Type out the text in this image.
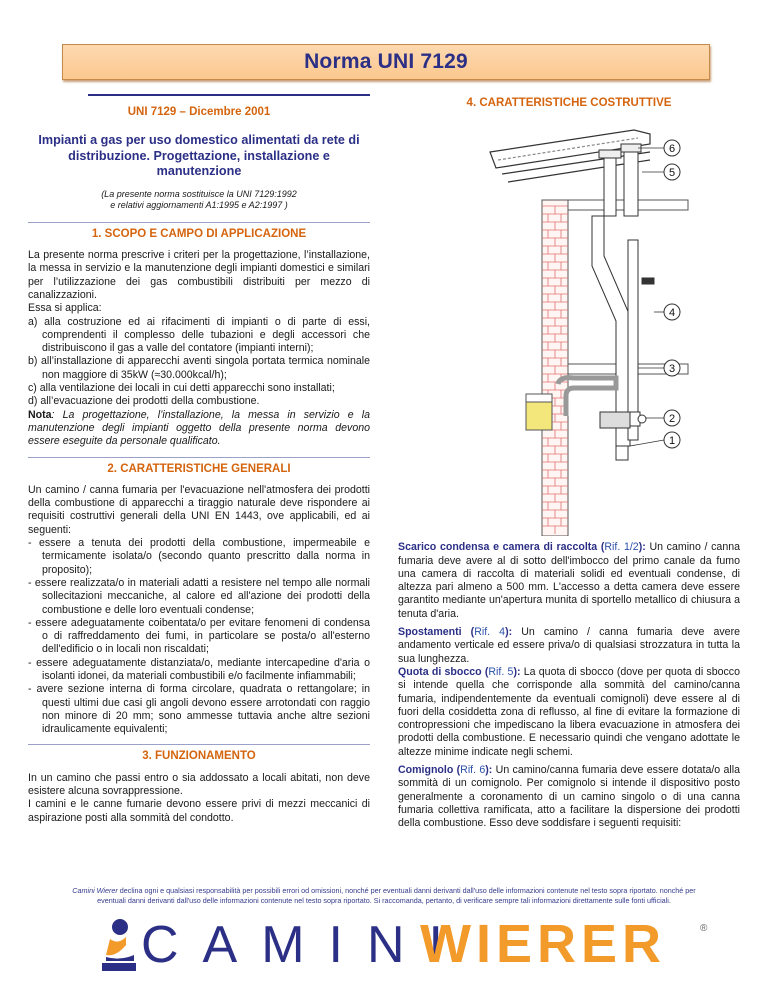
Norma UNI 7129

UNI 7129 – Dicembre 2001

Impianti a gas per uso domestico alimentati da rete di distribuzione. Progettazione, installazione e manutenzione

(La presente norma sostituisce la UNI 7129:1992

e relativi aggiornamenti A1:1995 e A2:1997 )

1. SCOPO E CAMPO DI APPLICAZIONE

La presente norma prescrive i criteri per la progettazione, l’installazione, la messa in servizio e la manutenzione degli impianti domestici e similari per l’utilizzazione dei gas combustibili distribuiti per mezzo di canalizzazioni.

Essa si applica:

a) alla costruzione ed ai rifacimenti di impianti o di parte di essi, comprendenti il complesso delle tubazioni e degli accessori che distribuiscono il gas a valle del contatore (impianti interni);
b) all’installazione di apparecchi aventi singola portata termica nominale non maggiore di 35kW (≈30.000kcal/h);
c) alla ventilazione dei locali in cui detti apparecchi sono installati;
d) all’evacuazione dei prodotti della combustione.

Nota: La progettazione, l’installazione, la messa in servizio e la manutenzione degli impianti oggetto della presente norma devono essere eseguite da personale qualificato.

2. CARATTERISTICHE GENERALI

Un camino / canna fumaria per l'evacuazione nell'atmosfera dei prodotti della combustione di apparecchi a tiraggio naturale deve rispondere ai requisiti costruttivi generali della UNI EN 1443, ove applicabili, ed ai seguenti:

- essere a tenuta dei prodotti della combustione, impermeabile e termicamente isolata/o (secondo quanto prescritto dalla norma in proposito);
- essere realizzata/o in materiali adatti a resistere nel tempo alle normali sollecitazioni meccaniche, al calore ed all'azione dei prodotti della combustione e delle loro eventuali condense;
- essere adeguatamente coibentata/o per evitare fenomeni di condensa o di raffreddamento dei fumi, in particolare se posta/o all'esterno dell'edificio o in locali non riscaldati;
- essere adeguatamente distanziata/o, mediante intercapedine d'aria o isolanti idonei, da materiali combustibili e/o facilmente infiammabili;
- avere sezione interna di forma circolare, quadrata o rettangolare; in questi ultimi due casi gli angoli devono essere arrotondati con raggio non minore di 20 mm; sono ammesse tuttavia anche altre sezioni idraulicamente equivalenti;

3. FUNZIONAMENTO

In un camino che passi entro o sia addossato a locali abitati, non deve esistere alcuna sovrappressione.

I camini e le canne fumarie devono essere privi di mezzi meccanici di aspirazione posti alla sommità del condotto.

4. CARATTERISTICHE COSTRUTTIVE

6
5
4
3
2
1

Scarico condensa e camera di raccolta (Rif. 1/2): Un camino / canna fumaria deve avere al di sotto dell'imbocco del primo canale da fumo una camera di raccolta di materiali solidi ed eventuali condense, di altezza pari almeno a 500 mm. L'accesso a detta camera deve essere garantito mediante un'apertura munita di sportello metallico di chiusura a tenuta d'aria.

Spostamenti (Rif. 4): Un camino / canna fumaria deve avere andamento verticale ed essere priva/o di qualsiasi strozzatura in tutta la sua lunghezza.

Quota di sbocco (Rif. 5): La quota di sbocco (dove per quota di sbocco si intende quella che corrisponde alla sommità del camino/canna fumaria, indipendentemente da eventuali comignoli) deve essere al di fuori della cosiddetta zona di reflusso, al fine di evitare la formazione di contropressioni che impediscano la libera evacuazione in atmosfera dei prodotti della combustione. E necessario quindi che vengano adottate le altezze minime indicate negli schemi.

Comignolo (Rif. 6): Un camino/canna fumaria deve essere dotata/o alla sommità di un comignolo. Per comignolo si intende il dispositivo posto generalmente a coronamento di un camino singolo o di una canna fumaria collettiva ramificata, atto a facilitare la dispersione dei prodotti della combustione. Esso deve soddisfare i seguenti requisiti:

Camini Wierer declina ogni e qualsiasi responsabilità per possibili errori od omissioni, nonché per eventuali danni derivanti dall'uso delle informazioni contenute nel testo sopra riportato. nonché per eventuali danni derivanti dall'uso delle informazioni contenute nel testo sopra riportato. Si raccomanda, pertanto, di verificare sempre tali informazioni direttamente sulle fonti ufficiali.
CAMINI
WIERER	®
